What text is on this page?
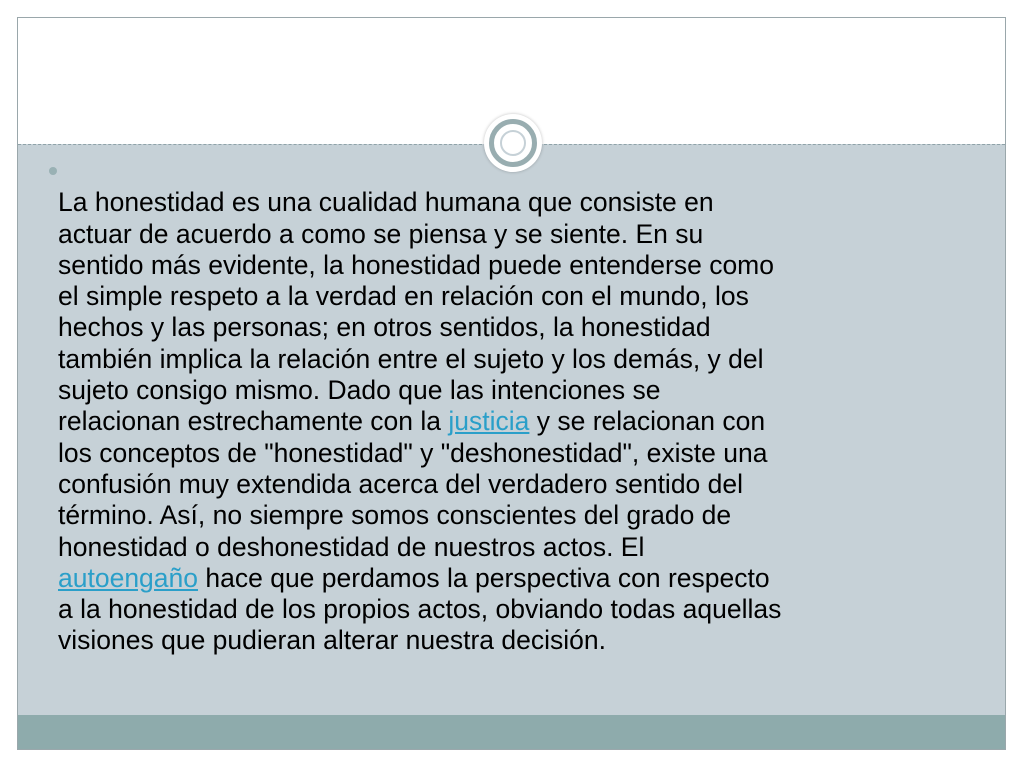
La honestidad es una cualidad humana que consiste en
actuar de acuerdo a como se piensa y se siente. En su
sentido más evidente, la honestidad puede entenderse como
el simple respeto a la verdad en relación con el mundo, los
hechos y las personas; en otros sentidos, la honestidad
también implica la relación entre el sujeto y los demás, y del
sujeto consigo mismo. Dado que las intenciones se
relacionan estrechamente con la justicia y se relacionan con
los conceptos de "honestidad" y "deshonestidad", existe una
confusión muy extendida acerca del verdadero sentido del
término. Así, no siempre somos conscientes del grado de
honestidad o deshonestidad de nuestros actos. El
autoengaño hace que perdamos la perspectiva con respecto
a la honestidad de los propios actos, obviando todas aquellas
visiones que pudieran alterar nuestra decisión.
